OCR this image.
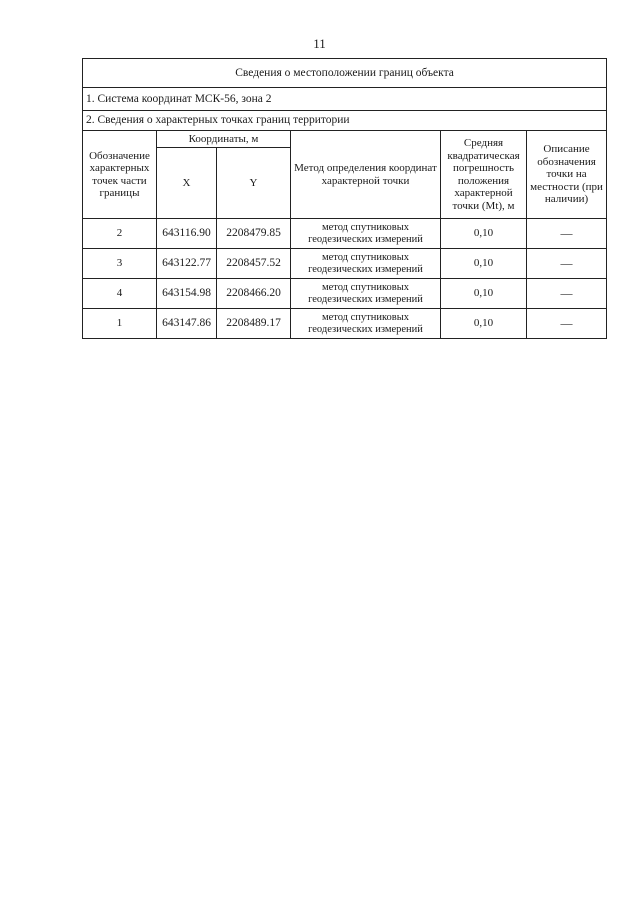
11
Сведения о местоположении границ объекта					
1. Система координат МСК-56, зона 2					
2. Сведения о характерных точках границ территории					
Обозначение характерных точек части границы	Координаты, м		Метод определения координат характерной точки	Средняя квадратическая погрешность положения характерной точки (Mt), м	Описание обозначения точки на местности (при наличии)
	X	Y			
2	643116.90	2208479.85	метод спутниковых геодезических измерений	0,10	—
3	643122.77	2208457.52	метод спутниковых геодезических измерений	0,10	—
4	643154.98	2208466.20	метод спутниковых геодезических измерений	0,10	—
1	643147.86	2208489.17	метод спутниковых геодезических измерений	0,10	—
